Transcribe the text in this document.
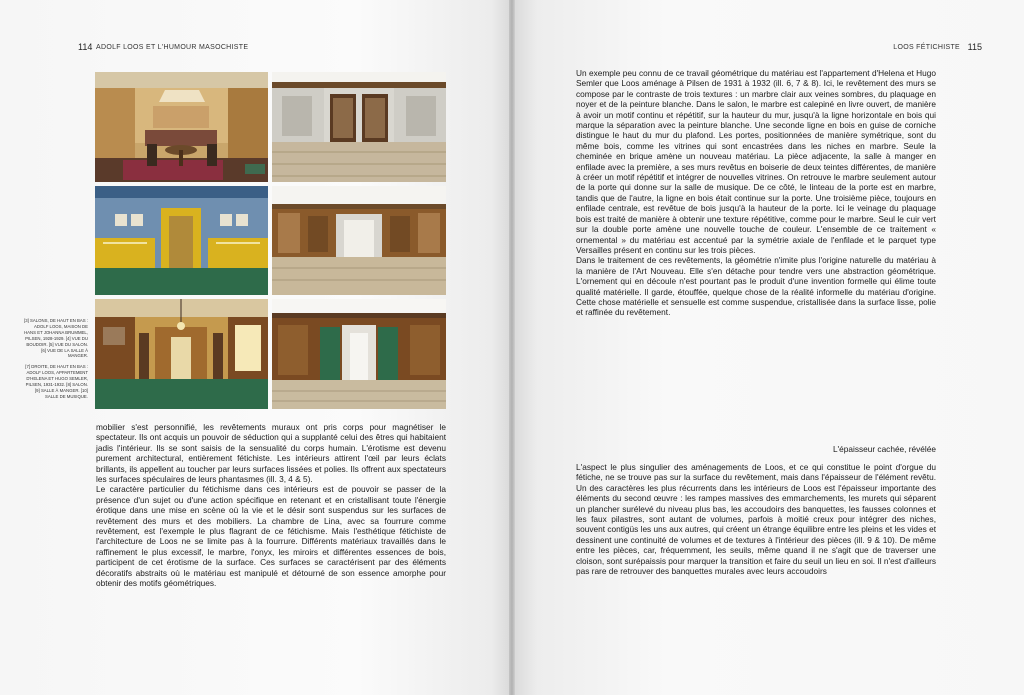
114 ADOLF LOOS ET L'HUMOUR MASOCHISTE

[3] SALONS, DE HAUT EN BAS : ADOLF LOOS, MAISON DE HANS ET JOHANNA BRUMMEL, PILSEN, 1928-1929. [4] VUE DU BOUDOIR. [5] VUE DU SALON. [6] VUE DE LA SALLE À MANGER.

[7] DROITE, DE HAUT EN BAS : ADOLF LOOS, APPARTEMENT D'HELENA ET HUGO SEMLER, PILSEN, 1931-1932. [8] SALON. [9] SALLE À MANGER. [10] SALLE DE MUSIQUE.

mobilier s'est personnifié, les revêtements muraux ont pris corps pour magnétiser le spectateur. Ils ont acquis un pouvoir de séduction qui a supplanté celui des êtres qui habitaient jadis l'intérieur. Ils se sont saisis de la sensualité du corps humain. L'érotisme est devenu purement architectural, entièrement fétichiste. Les intérieurs attirent l'œil par leurs éclats brillants, ils appellent au toucher par leurs surfaces lissées et polies. Ils offrent aux spectateurs les surfaces spéculaires de leurs phantasmes (ill. 3, 4 & 5).

Le caractère particulier du fétichisme dans ces intérieurs est de pouvoir se passer de la présence d'un sujet ou d'une action spécifique en retenant et en cristallisant toute l'énergie érotique dans une mise en scène où la vie et le désir sont suspendus sur les surfaces de revêtement des murs et des mobiliers. La chambre de Lina, avec sa fourrure comme revêtement, est l'exemple le plus flagrant de ce fétichisme. Mais l'esthétique fétichiste de l'architecture de Loos ne se limite pas à la fourrure. Différents matériaux travaillés dans le raffinement le plus excessif, le marbre, l'onyx, les miroirs et différentes essences de bois, participent de cet érotisme de la surface. Ces surfaces se caractérisent par des éléments décoratifs abstraits où le matériau est manipulé et détourné de son essence amorphe pour obtenir des motifs géométriques.

LOOS FÉTICHISTE 115

Un exemple peu connu de ce travail géométrique du matériau est l'appartement d'Helena et Hugo Semler que Loos aménage à Pilsen de 1931 à 1932 (ill. 6, 7 & 8). Ici, le revêtement des murs se compose par le contraste de trois textures : un marbre clair aux veines sombres, du plaquage en noyer et de la peinture blanche. Dans le salon, le marbre est calepiné en livre ouvert, de manière à avoir un motif continu et répétitif, sur la hauteur du mur, jusqu'à la ligne horizontale en bois qui marque la séparation avec la peinture blanche. Une seconde ligne en bois en guise de corniche distingue le haut du mur du plafond. Les portes, positionnées de manière symétrique, sont du même bois, comme les vitrines qui sont encastrées dans les niches en marbre. Seule la cheminée en brique amène un nouveau matériau. La pièce adjacente, la salle à manger en enfilade avec la première, a ses murs revêtus en boiserie de deux teintes différentes, de manière à créer un motif répétitif et intégrer de nouvelles vitrines. On retrouve le marbre seulement autour de la porte qui donne sur la salle de musique. De ce côté, le linteau de la porte est en marbre, tandis que de l'autre, la ligne en bois était continue sur la porte. Une troisième pièce, toujours en enfilade centrale, est revêtue de bois jusqu'à la hauteur de la porte. Ici le veinage du plaquage bois est traité de manière à obtenir une texture répétitive, comme pour le marbre. Seul le cuir vert sur la double porte amène une nouvelle touche de couleur. L'ensemble de ce traitement « ornemental » du matériau est accentué par la symétrie axiale de l'enfilade et le parquet type Versailles présent en continu sur les trois pièces.

Dans le traitement de ces revêtements, la géométrie n'imite plus l'origine naturelle du matériau à la manière de l'Art Nouveau. Elle s'en détache pour tendre vers une abstraction géométrique. L'ornement qui en découle n'est pourtant pas le produit d'une invention formelle qui élime toute qualité matérielle. Il garde, étouffée, quelque chose de la réalité informelle du matériau d'origine. Cette chose matérielle et sensuelle est comme suspendue, cristallisée dans la surface lisse, polie et raffinée du revêtement.

L'épaisseur cachée, révélée

L'aspect le plus singulier des aménagements de Loos, et ce qui constitue le point d'orgue du fétiche, ne se trouve pas sur la surface du revêtement, mais dans l'épaisseur de l'élément revêtu. Un des caractères les plus récurrents dans les intérieurs de Loos est l'épaisseur importante des éléments du second œuvre : les rampes massives des emmarchements, les murets qui séparent un plancher surélevé du niveau plus bas, les accoudoirs des banquettes, les fausses colonnes et les faux pilastres, sont autant de volumes, parfois à moitié creux pour intégrer des niches, souvent contigüs les uns aux autres, qui créent un étrange équilibre entre les pleins et les vides et dessinent une continuité de volumes et de textures à l'intérieur des pièces (ill. 9 & 10). De même entre les pièces, car, fréquemment, les seuils, même quand il ne s'agit que de traverser une cloison, sont surépaissis pour marquer la transition et faire du seuil un lieu en soi. Il n'est d'ailleurs pas rare de retrouver des banquettes murales avec leurs accoudoirs
